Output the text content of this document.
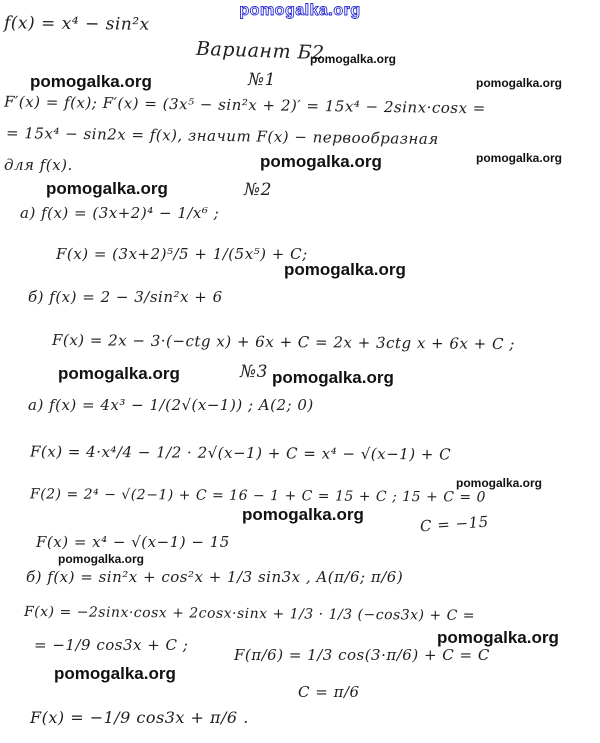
pomogalka.org
f(x) = x⁴ − sin²x
Вариант Б2
№1
F′(x) = f(x); F′(x) = (3x⁵ − sin²x + 2)′ = 15x⁴ − 2sinx·cosx =
= 15x⁴ − sin2x = f(x), значит F(x) − первообразная
для f(x).
№2
а) f(x) = (3x+2)⁴ − 1/x⁶ ;
F(x) = (3x+2)⁵/5 + 1/(5x⁵) + C;
б) f(x) = 2 − 3/sin²x + 6
F(x) = 2x − 3·(−ctg x) + 6x + C = 2x + 3ctg x + 6x + C ;
№3
а) f(x) = 4x³ − 1/(2√(x−1)) ; A(2; 0)
F(x) = 4·x⁴/4 − 1/2 · 2√(x−1) + C = x⁴ − √(x−1) + C
F(2) = 2⁴ − √(2−1) + C = 16 − 1 + C = 15 + C ; 15 + C = 0
C = −15
F(x) = x⁴ − √(x−1) − 15
б) f(x) = sin²x + cos²x + 1/3 sin3x , A(π/6; π/6)
F(x) = −2sinx·cosx + 2cosx·sinx + 1/3 · 1/3 (−cos3x) + C =
= −1/9 cos3x + C ;
F(π/6) = 1/3 cos(3·π/6) + C = C
C = π/6
F(x) = −1/9 cos3x + π/6 .
pomogalka.org
pomogalka.org	pomogalka.org
pomogalka.org	pomogalka.org
pomogalka.org
pomogalka.org
pomogalka.org	pomogalka.org
pomogalka.org
pomogalka.org
pomogalka.org
pomogalka.org
pomogalka.org
